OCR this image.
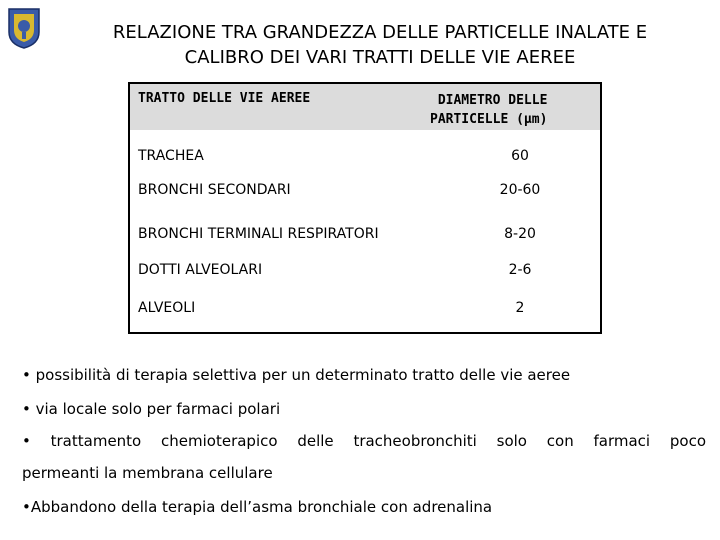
RELAZIONE TRA GRANDEZZA DELLE PARTICELLE INALATE E
CALIBRO DEI VARI TRATTI DELLE VIE AEREE
TRATTO DELLE VIE AEREE	DIAMETRO DELLE
PARTICELLE (µm)
TRACHEA	60
BRONCHI SECONDARI	20-60
BRONCHI TERMINALI RESPIRATORI	8-20
DOTTI ALVEOLARI	2-6
ALVEOLI	2
• possibilità di terapia selettiva per un determinato tratto delle vie aeree
• via locale solo per farmaci polari
• trattamento chemioterapico delle tracheobronchiti solo con farmaci poco
permeanti la membrana cellulare
•Abbandono della terapia dell’asma bronchiale con adrenalina
